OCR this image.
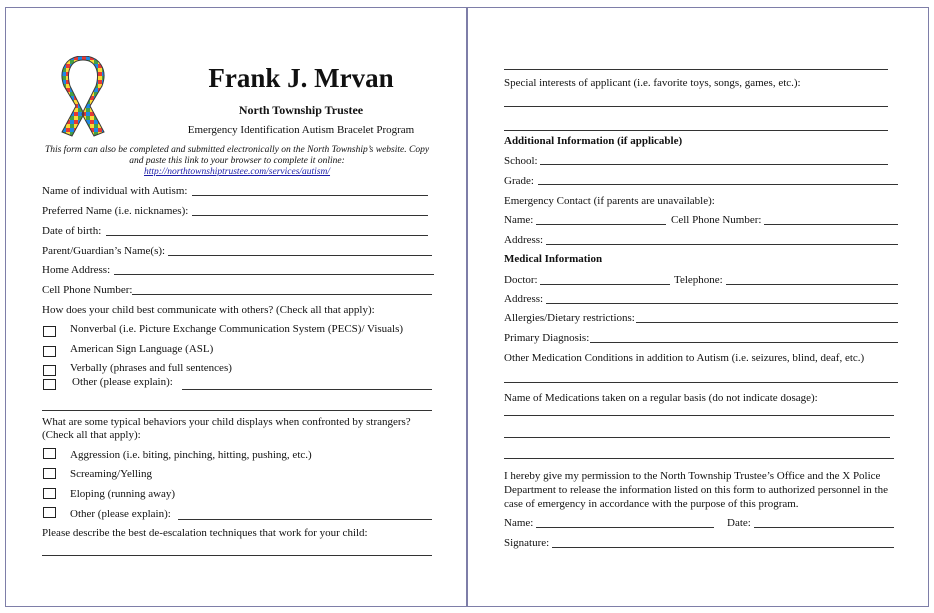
Frank J. Mrvan
North Township Trustee
Emergency Identification Autism Bracelet Program
This form can also be completed and submitted electronically on the North Township’s website. Copy
and paste this link to your browser to complete it online:
http://northtownshiptrustee.com/services/autism/
Name of individual with Autism:
Preferred Name (i.e. nicknames):
Date of birth:
Parent/Guardian’s Name(s):
Home Address:
Cell Phone Number:
How does your child best communicate with others? (Check all that apply):
Nonverbal (i.e. Picture Exchange Communication System (PECS)/ Visuals)
American Sign Language (ASL)
Verbally (phrases and full sentences)
Other (please explain):
What are some typical behaviors your child displays when confronted by strangers?
(Check all that apply):
Aggression (i.e. biting, pinching, hitting, pushing, etc.)
Screaming/Yelling
Eloping (running away)
Other (please explain):
Please describe the best de-escalation techniques that work for your child:
Special interests of applicant (i.e. favorite toys, songs, games, etc.):
Additional Information (if applicable)
School:
Grade:
Emergency Contact (if parents are unavailable):
Name:	Cell Phone Number:
Address:
Medical Information
Doctor:	Telephone:
Address:
Allergies/Dietary restrictions:
Primary Diagnosis:
Other Medication Conditions in addition to Autism (i.e. seizures, blind, deaf, etc.)
Name of Medications taken on a regular basis (do not indicate dosage):
I hereby give my permission to the North Township Trustee’s Office and the X Police
Department to release the information listed on this form to authorized personnel in the
case of emergency in accordance with the purpose of this program.
Name:	Date:
Signature:
